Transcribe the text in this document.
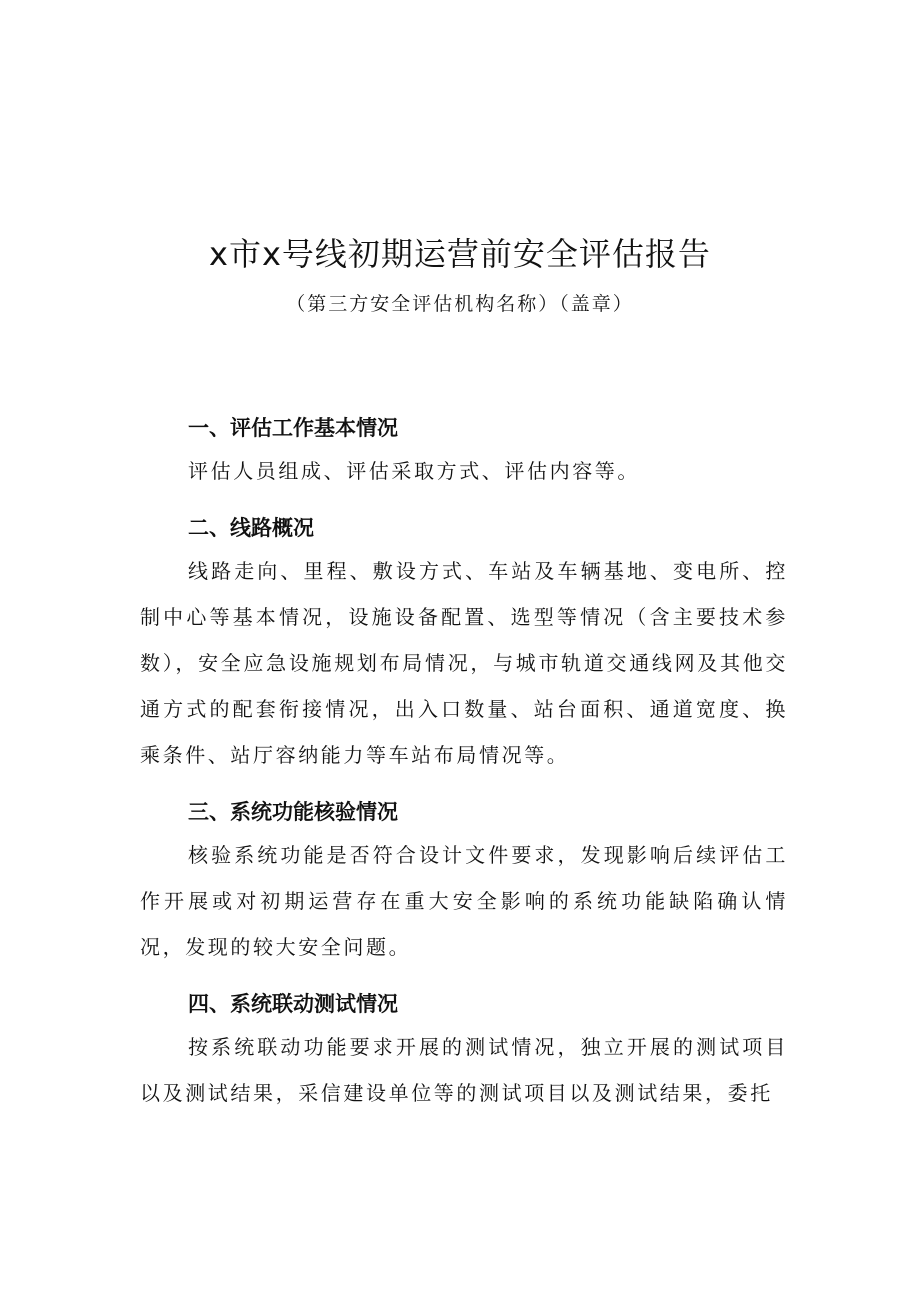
x市x号线初期运营前安全评估报告
（第三方安全评估机构名称）（盖章）

一、评估工作基本情况

评估人员组成、评估采取方式、评估内容等。

二、线路概况

线路走向、里程、敷设方式、车站及车辆基地、变电所、控制中心等基本情况，设施设备配置、选型等情况（含主要技术参数），安全应急设施规划布局情况，与城市轨道交通线网及其他交通方式的配套衔接情况，出入口数量、站台面积、通道宽度、换乘条件、站厅容纳能力等车站布局情况等。

三、系统功能核验情况

核验系统功能是否符合设计文件要求，发现影响后续评估工作开展或对初期运营存在重大安全影响的系统功能缺陷确认情况，发现的较大安全问题。

四、系统联动测试情况

按系统联动功能要求开展的测试情况，独立开展的测试项目以及测试结果，采信建设单位等的测试项目以及测试结果，委托
